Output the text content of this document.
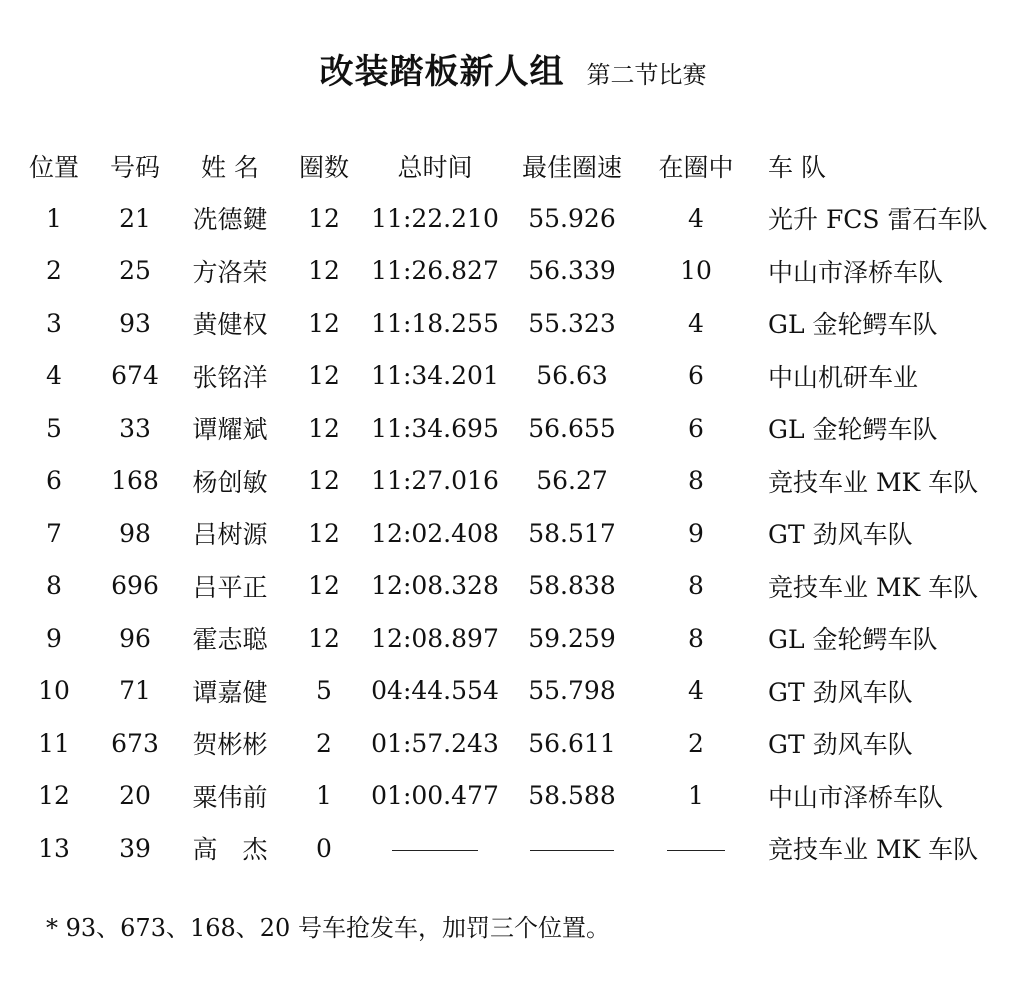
改装踏板新人组 第二节比赛
位置	号码	姓 名	圈数	总时间	最佳圈速	在圈中	车 队
1	21	冼德鍵	12	11:22.210	55.926	4	光升 FCS 雷石车队
2	25	方洛荣	12	11:26.827	56.339	10	中山市泽桥车队
3	93	黄健权	12	11:18.255	55.323	4	GL 金轮鳄车队
4	674	张铭洋	12	11:34.201	56.63	6	中山机研车业
5	33	谭耀斌	12	11:34.695	56.655	6	GL 金轮鳄车队
6	168	杨创敏	12	11:27.016	56.27	8	竞技车业 MK 车队
7	98	吕树源	12	12:02.408	58.517	9	GT 劲风车队
8	696	吕平正	12	12:08.328	58.838	8	竞技车业 MK 车队
9	96	霍志聪	12	12:08.897	59.259	8	GL 金轮鳄车队
10	71	谭嘉健	5	04:44.554	55.798	4	GT 劲风车队
11	673	贺彬彬	2	01:57.243	56.611	2	GT 劲风车队
12	20	粟伟前	1	01:00.477	58.588	1	中山市泽桥车队
13	39	高　杰	0				竞技车业 MK 车队
* 93、673、168、20 号车抢发车，加罚三个位置。
